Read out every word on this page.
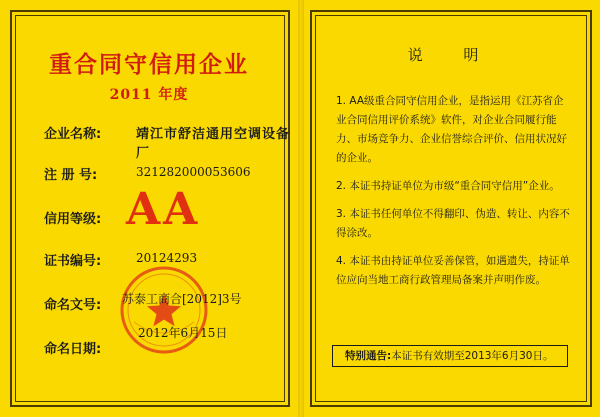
重合同守信用企业
2011 年度
企业名称:	靖江市舒洁通用空调设备厂
注 册 号:	321282000053606
信用等级: AA
证书编号:	20124293
命名文号: 苏泰工商合[2012]3号
命名日期:
2012年6月15日
说 明
1. AA级重合同守信用企业，是指运用《江苏省企业合同信用评价系统》软件，对企业合同履行能力、市场竞争力、企业信誉综合评价、信用状况好的企业。
2. 本证书持证单位为市级“重合同守信用”企业。
3. 本证书任何单位不得翻印、伪造、转让、内容不得涂改。
4. 本证书由持证单位妥善保管，如遇遗失，持证单位应向当地工商行政管理局备案并声明作废。
特别通告:本证书有效期至2013年6月30日。
